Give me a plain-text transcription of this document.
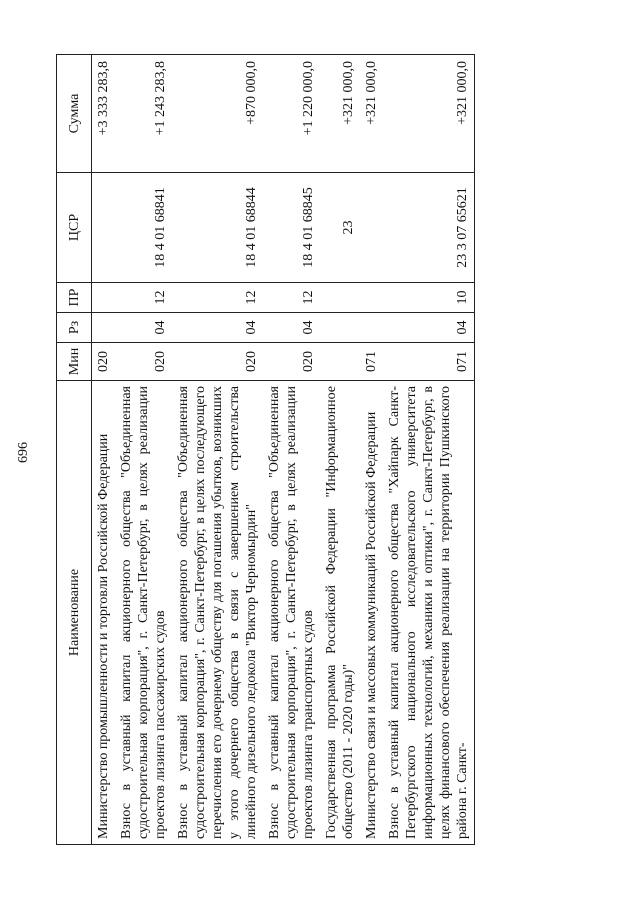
696
Наименование	Мин	Рз	ПР	ЦСР	Сумма
Министерство промышленности и торговли Российской Федерации	020				+3 333 283,8
Взнос в уставный капитал акционерного общества "Объединенная судостроительная корпорация", г. Санкт-Петербург, в целях реализации проектов лизинга пассажирских судов	020	04	12	18 4 01 68841	+1 243 283,8
Взнос в уставный капитал акционерного общества "Объединенная судостроительная корпорация", г. Санкт-Петербург, в целях последующего перечисления его дочернему обществу для погашения убытков, возникших у этого дочернего общества в связи с завершением строительства линейного дизельного ледокола "Виктор Черномырдин"	020	04	12	18 4 01 68844	+870 000,0
Взнос в уставный капитал акционерного общества "Объединенная судостроительная корпорация", г. Санкт-Петербург, в целях реализации проектов лизинга транспортных судов	020	04	12	18 4 01 68845	+1 220 000,0
Государственная программа Российской Федерации "Информационное общество (2011 - 2020 годы)"				23	+321 000,0
Министерство связи и массовых коммуникаций Российской Федерации	071				+321 000,0
Взнос в уставный капитал акционерного общества "Хайпарк Санкт-Петербургского национального исследовательского университета информационных технологий, механики и оптики", г. Санкт-Петербург, в целях финансового обеспечения реализации на территории Пушкинского района г. Санкт-	071	04	10	23 3 07 65621	+321 000,0
